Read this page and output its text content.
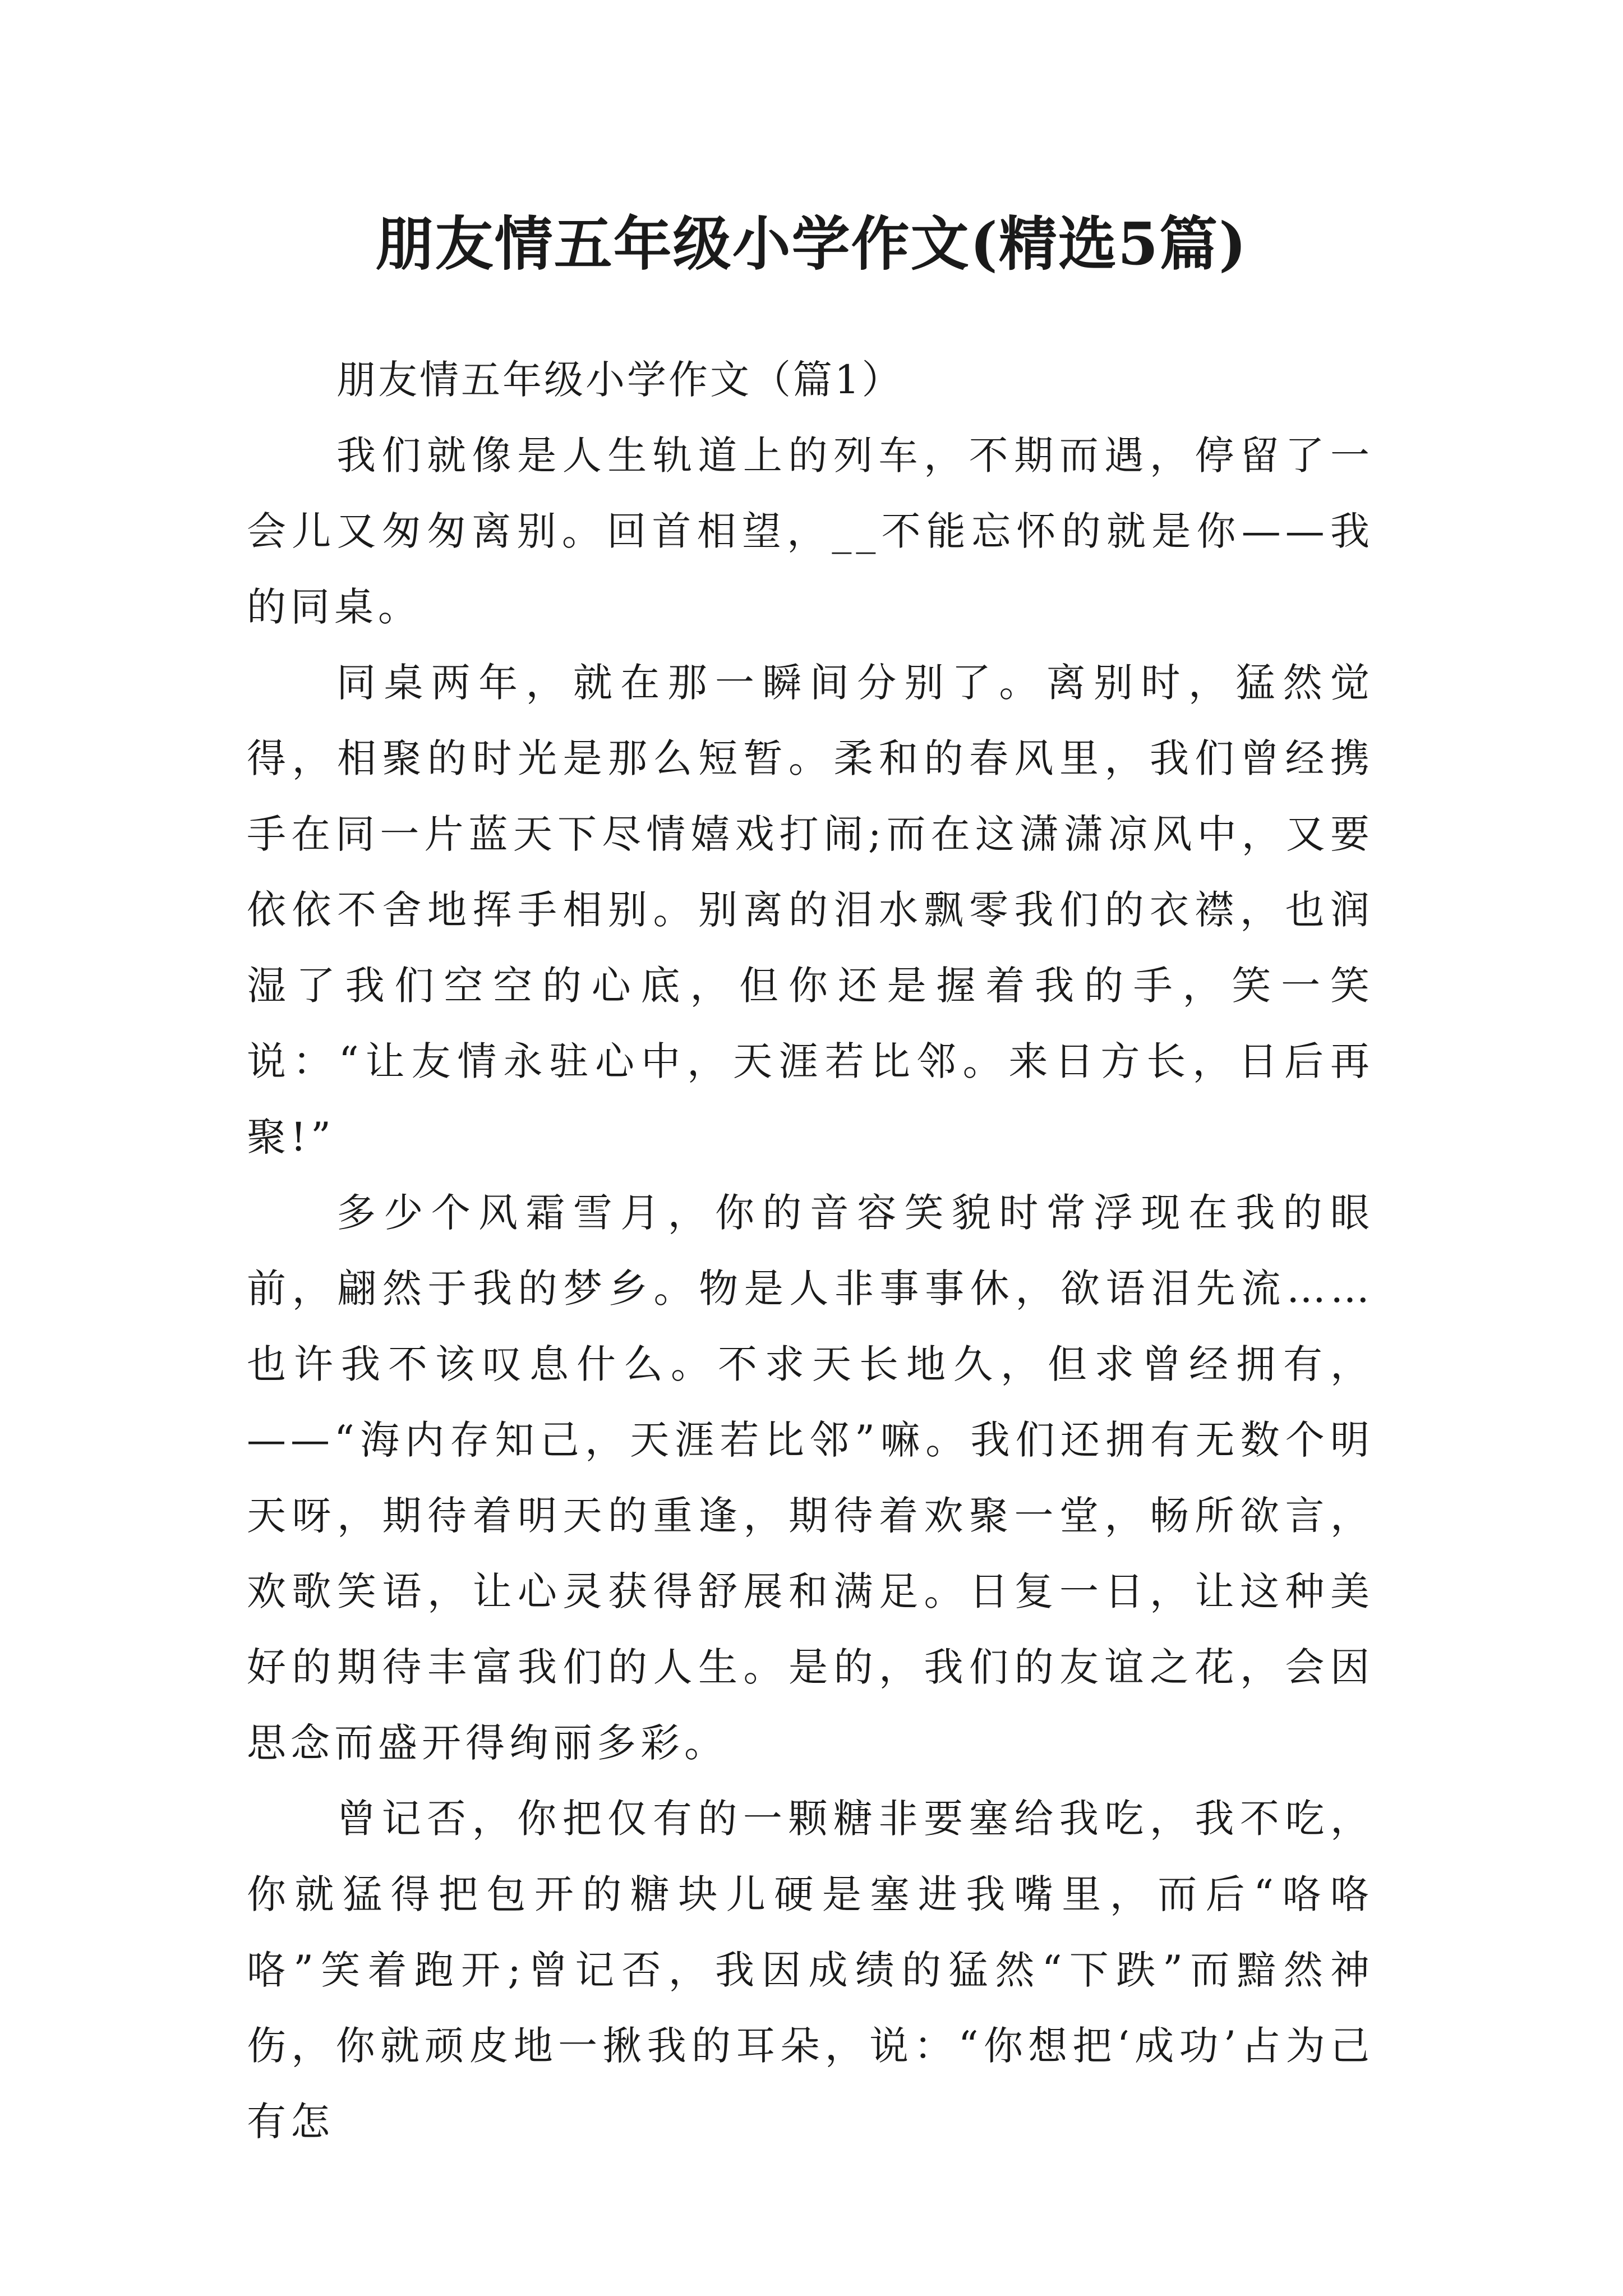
朋友情五年级小学作文(精选5篇)

朋友情五年级小学作文（篇1）

我们就像是人生轨道上的列车，不期而遇，停留了一会儿又匆匆离别。回首相望，__不能忘怀的就是你——我的同桌。

同桌两年，就在那一瞬间分别了。离别时，猛然觉得，相聚的时光是那么短暂。柔和的春风里，我们曾经携手在同一片蓝天下尽情嬉戏打闹;而在这潇潇凉风中，又要依依不舍地挥手相别。别离的泪水飘零我们的衣襟，也润湿了我们空空的心底，但你还是握着我的手，笑一笑说：“让友情永驻心中，天涯若比邻。来日方长，日后再聚!”

多少个风霜雪月，你的音容笑貌时常浮现在我的眼前，翩然于我的梦乡。物是人非事事休，欲语泪先流……也许我不该叹息什么。不求天长地久，但求曾经拥有，——“海内存知己，天涯若比邻”嘛。我们还拥有无数个明天呀，期待着明天的重逢，期待着欢聚一堂，畅所欲言，欢歌笑语，让心灵获得舒展和满足。日复一日，让这种美好的期待丰富我们的人生。是的，我们的友谊之花，会因思念而盛开得绚丽多彩。

曾记否，你把仅有的一颗糖非要塞给我吃，我不吃，你就猛得把包开的糖块儿硬是塞进我嘴里，而后“咯咯咯”笑着跑开;曾记否，我因成绩的猛然“下跌”而黯然神伤，你就顽皮地一揪我的耳朵，说：“你想把‘成功’占为己有怎
